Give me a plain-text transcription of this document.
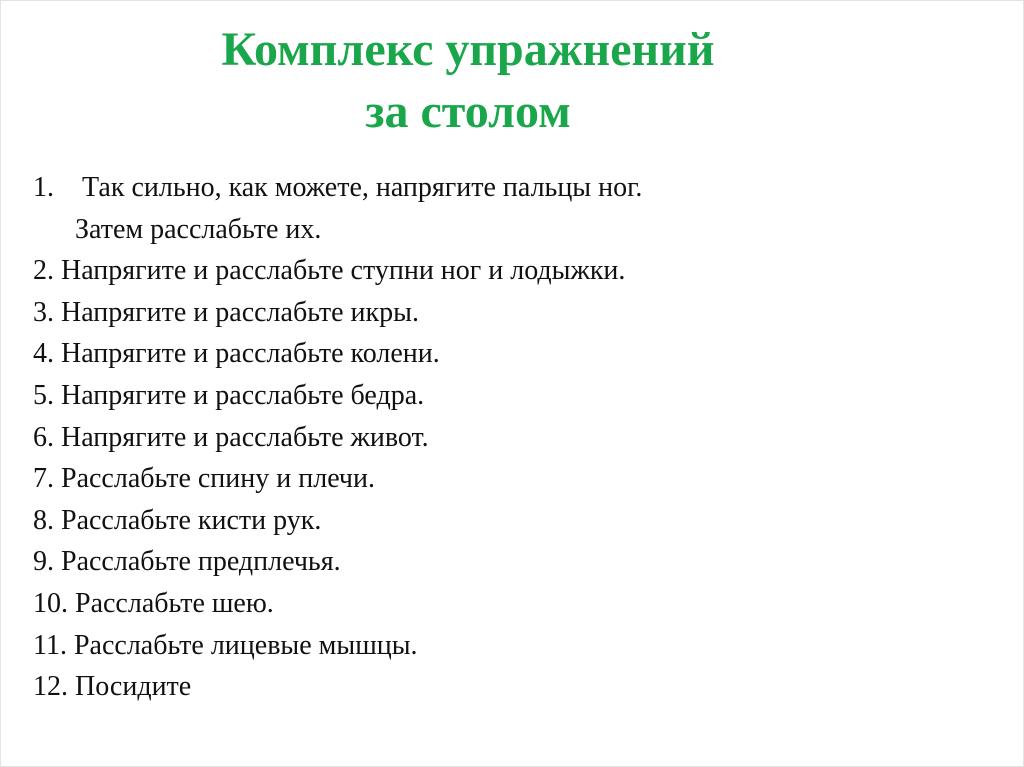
Комплекс упражнений
за столом
1. Так сильно, как можете, напрягите пальцы ног.
Затем расслабьте их.
2. Напрягите и расслабьте ступни ног и лодыжки.
3. Напрягите и расслабьте икры.
4. Напрягите и расслабьте колени.
5. Напрягите и расслабьте бедра.
6. Напрягите и расслабьте живот.
7. Расслабьте спину и плечи.
8. Расслабьте кисти рук.
9. Расслабьте предплечья.
10. Расслабьте шею.
11. Расслабьте лицевые мышцы.
12. Посидите
